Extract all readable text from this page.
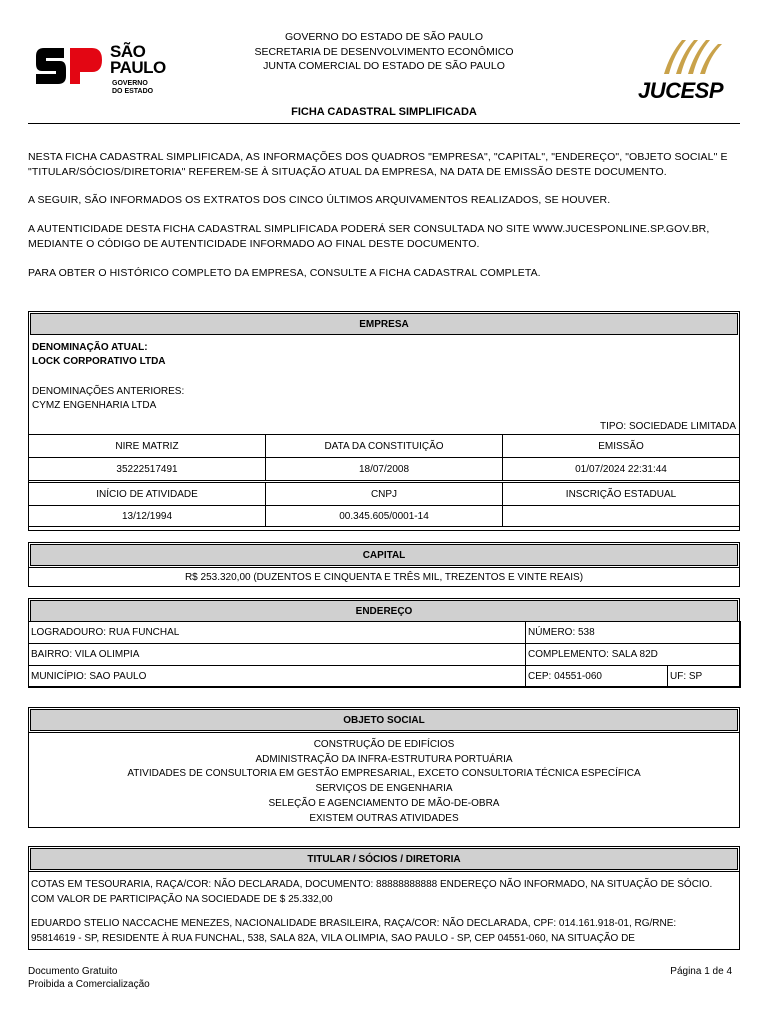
SÃO
PAULO
GOVERNO
DO ESTADO
GOVERNO DO ESTADO DE SÃO PAULO
SECRETARIA DE DESENVOLVIMENTO ECONÔMICO
JUNTA COMERCIAL DO ESTADO DE SÃO PAULO
JUCESP
FICHA CADASTRAL SIMPLIFICADA
NESTA FICHA CADASTRAL SIMPLIFICADA, AS INFORMAÇÕES DOS QUADROS "EMPRESA", "CAPITAL", "ENDEREÇO", "OBJETO SOCIAL" E
"TITULAR/SÓCIOS/DIRETORIA" REFEREM-SE À SITUAÇÃO ATUAL DA EMPRESA, NA DATA DE EMISSÃO DESTE DOCUMENTO.
A SEGUIR, SÃO INFORMADOS OS EXTRATOS DOS CINCO ÚLTIMOS ARQUIVAMENTOS REALIZADOS, SE HOUVER.
A AUTENTICIDADE DESTA FICHA CADASTRAL SIMPLIFICADA PODERÁ SER CONSULTADA NO SITE WWW.JUCESPONLINE.SP.GOV.BR,
MEDIANTE O CÓDIGO DE AUTENTICIDADE INFORMADO AO FINAL DESTE DOCUMENTO.
PARA OBTER O HISTÓRICO COMPLETO DA EMPRESA, CONSULTE A FICHA CADASTRAL COMPLETA.
EMPRESA
DENOMINAÇÃO ATUAL:
LOCK CORPORATIVO LTDA
DENOMINAÇÕES ANTERIORES:
CYMZ ENGENHARIA LTDA
TIPO: SOCIEDADE LIMITADA
NIRE MATRIZ	DATA DA CONSTITUIÇÃO	EMISSÃO
35222517491	18/07/2008	01/07/2024 22:31:44
INÍCIO DE ATIVIDADE	CNPJ	INSCRIÇÃO ESTADUAL
13/12/1994	00.345.605/0001-14	
CAPITAL
R$ 253.320,00 (DUZENTOS E CINQUENTA E TRÊS MIL, TREZENTOS E VINTE REAIS)
ENDEREÇO
LOGRADOURO: RUA FUNCHAL	NÚMERO: 538	
BAIRRO: VILA OLIMPIA	COMPLEMENTO: SALA 82D	
MUNICÍPIO: SAO PAULO	CEP: 04551-060	UF: SP
OBJETO SOCIAL
CONSTRUÇÃO DE EDIFÍCIOS
ADMINISTRAÇÃO DA INFRA-ESTRUTURA PORTUÁRIA
ATIVIDADES DE CONSULTORIA EM GESTÃO EMPRESARIAL, EXCETO CONSULTORIA TÉCNICA ESPECÍFICA
SERVIÇOS DE ENGENHARIA
SELEÇÃO E AGENCIAMENTO DE MÃO-DE-OBRA
EXISTEM OUTRAS ATIVIDADES
TITULAR / SÓCIOS / DIRETORIA
COTAS EM TESOURARIA, RAÇA/COR: NÃO DECLARADA, DOCUMENTO: 88888888888 ENDEREÇO NÃO INFORMADO, NA SITUAÇÃO DE SÓCIO.
COM VALOR DE PARTICIPAÇÃO NA SOCIEDADE DE $ 25.332,00
EDUARDO STELIO NACCACHE MENEZES, NACIONALIDADE BRASILEIRA, RAÇA/COR: NÃO DECLARADA, CPF: 014.161.918-01, RG/RNE:
95814619 - SP, RESIDENTE À RUA FUNCHAL, 538, SALA 82A, VILA OLIMPIA, SAO PAULO - SP, CEP 04551-060, NA SITUAÇÃO DE
Documento Gratuito
Proibida a Comercialização
Página 1 de 4
